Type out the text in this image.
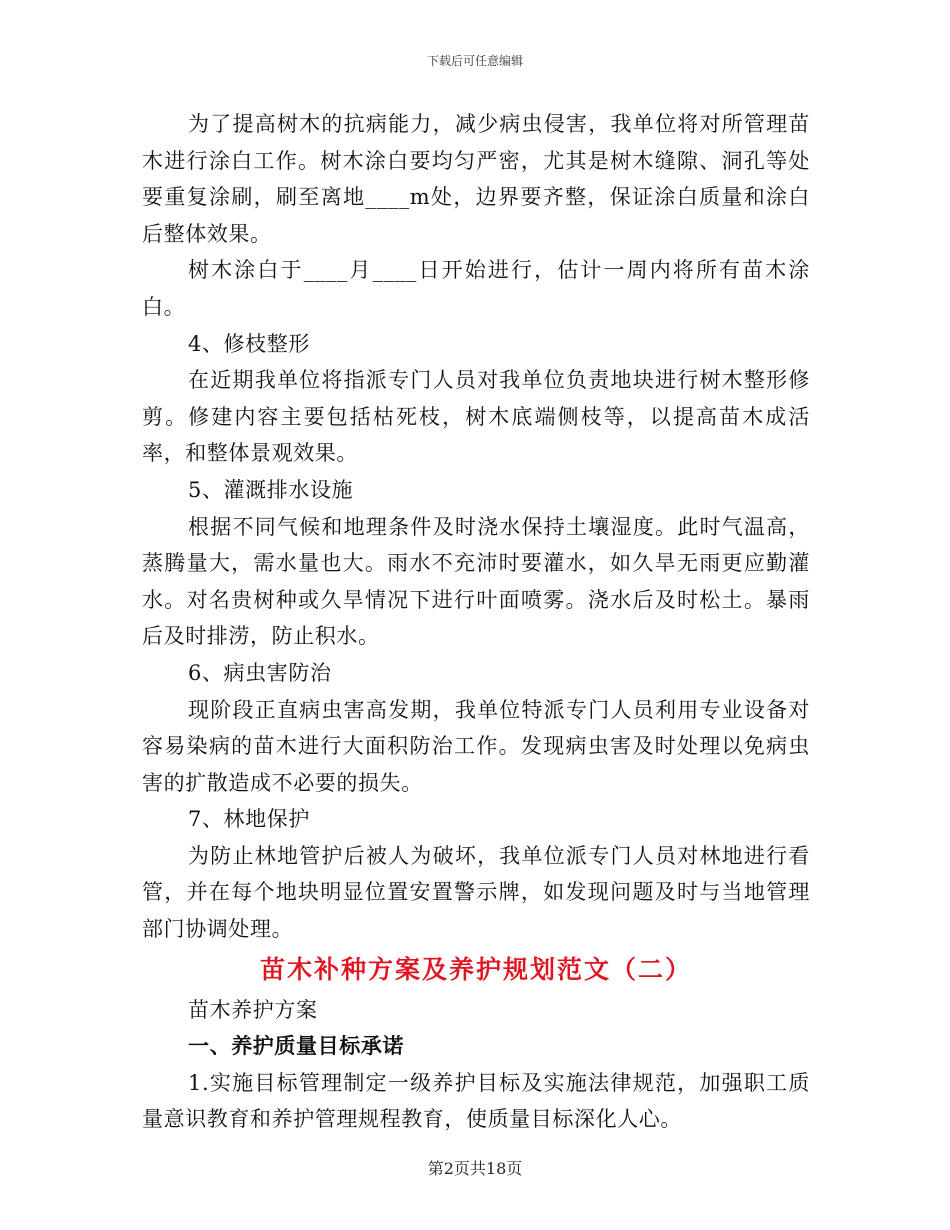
下载后可任意编辑

为了提高树木的抗病能力，减少病虫侵害，我单位将对所管理苗木进行涂白工作。树木涂白要均匀严密，尤其是树木缝隙、洞孔等处要重复涂刷，刷至离地____m处，边界要齐整，保证涂白质量和涂白后整体效果。

树木涂白于____月____日开始进行，估计一周内将所有苗木涂白。

4、修枝整形

在近期我单位将指派专门人员对我单位负责地块进行树木整形修剪。修建内容主要包括枯死枝，树木底端侧枝等，以提高苗木成活率，和整体景观效果。

5、灌溉排水设施

根据不同气候和地理条件及时浇水保持土壤湿度。此时气温高，蒸腾量大，需水量也大。雨水不充沛时要灌水，如久旱无雨更应勤灌水。对名贵树种或久旱情况下进行叶面喷雾。浇水后及时松土。暴雨后及时排涝，防止积水。

6、病虫害防治

现阶段正直病虫害高发期，我单位特派专门人员利用专业设备对容易染病的苗木进行大面积防治工作。发现病虫害及时处理以免病虫害的扩散造成不必要的损失。

7、林地保护

为防止林地管护后被人为破坏，我单位派专门人员对林地进行看管，并在每个地块明显位置安置警示牌，如发现问题及时与当地管理部门协调处理。

苗木补种方案及养护规划范文（二）

苗木养护方案

一、养护质量目标承诺

1.实施目标管理制定一级养护目标及实施法律规范，加强职工质量意识教育和养护管理规程教育，使质量目标深化人心。

第2页共18页
